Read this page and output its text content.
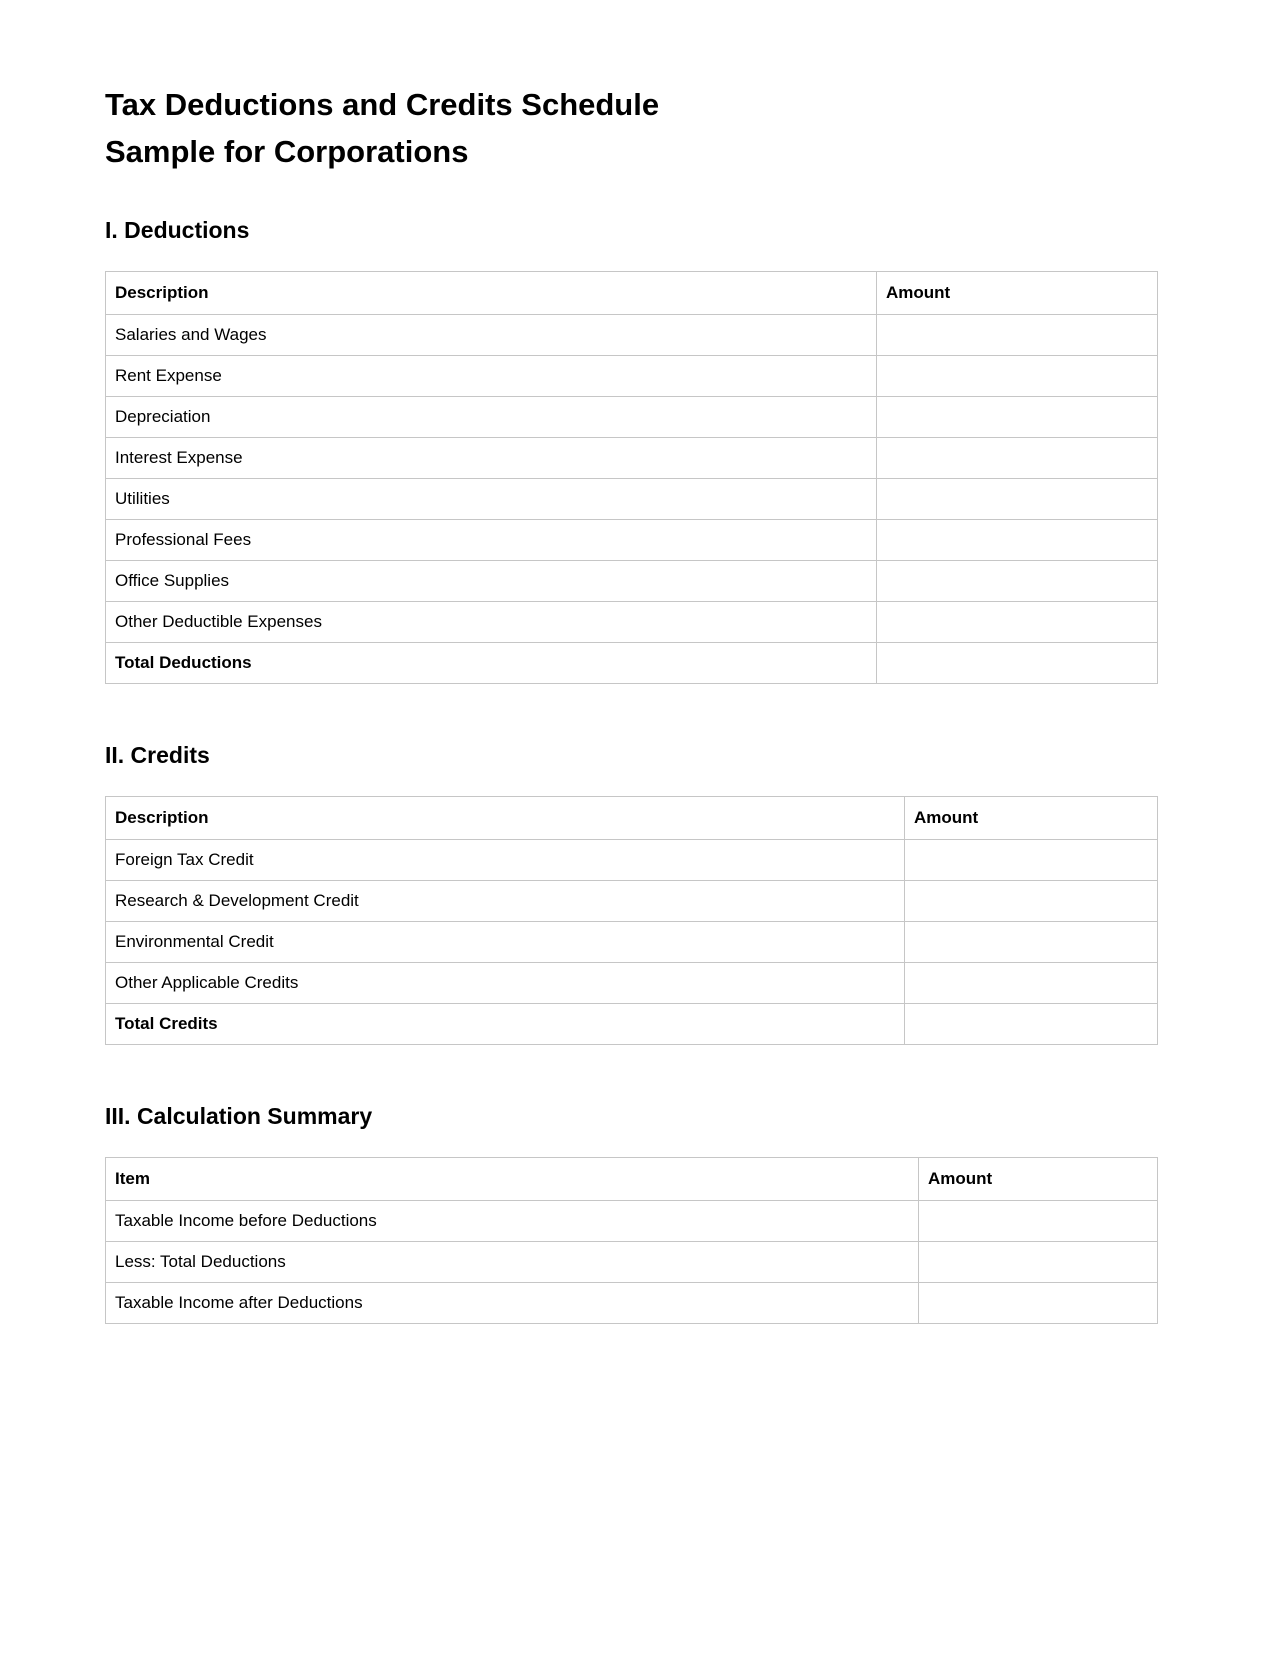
Tax Deductions and Credits Schedule
Sample for Corporations
I. Deductions
Description	Amount
Salaries and Wages	
Rent Expense	
Depreciation	
Interest Expense	
Utilities	
Professional Fees	
Office Supplies	
Other Deductible Expenses	
Total Deductions	
II. Credits
Description	Amount
Foreign Tax Credit	
Research & Development Credit	
Environmental Credit	
Other Applicable Credits	
Total Credits	
III. Calculation Summary
Item	Amount
Taxable Income before Deductions	
Less: Total Deductions	
Taxable Income after Deductions	
